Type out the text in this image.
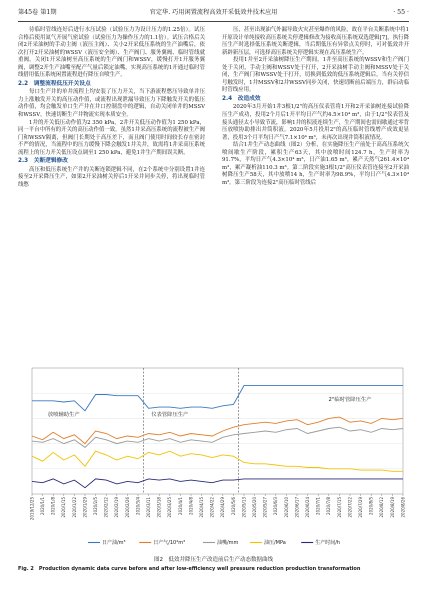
第45卷 第1期	官定华. 巧用闲置流程高效开采低效井技术应用	· 55 ·

待临时管线连好后进行水压试验（试验压力为设计压力的1.25倍）。试压合格后使用氮气开展气密试验（试验压力为操作压力的1.1倍）。试压合格后关闭2开采油树的手动主阀（液压主阀）、关小2开采低压系统的生产油嘴后，依次打开2开采油树的WSSV（液压安全阀）、生产阀门、服务翼阀、临时管线就重阀。关闭1开采油树至高压系统的生产阀门和WSSV，缓慢打开1开服务翼阀，调整2开生产油嘴至配产气量后锁定油嘴，实现高压系统的1开通过临时管线借用低压系统闲置流程进行降压自喷生产。

2.2　调整流程低压开关设点

每口生产井的单井流程上均安装了压力开关，当下游流程憋压导致单井压力上涨触发开关的高压动作值，或流程出现泄漏导致压力下降触发开关的低压动作值，均会触发单口生产井在井口控制盘中的逻辑，自动关闭单井的MSSV和WSSV，快速切断生产井物流实现本质安全。

1井的开关低压动作值为2 350 kPa，2井开关低压动作值为1 250 kPa，同一平台中所有的开关的高压动作值一致。虽然1井采高压系统的流程被生产阀门和WSSV隔离，但阀门长期处于高压差下，而且阀门使用时间较长存在密封不严的情况，当流程中的压力缓慢下降会触发1井关井，故需将1井采高压系统流程上的压力开关低压设点调至1 250 kPa，避免1井生产期间误关断。

2.3　关断逻辑修改

高压和低压系统生产井的关断连锁逻辑不同，在2个系统中分别设置1井连接至2开采降压生产，如果2开采油树关停后1开采井同步关停，将出现临时管线憋

压，甚至出现油气外漏导致火灾甚至爆炸的风险，故在平台关断系统中将1开原设计单纯接收高压系统关停逻辑修改为接收高压系统双选逻辑[7]，执行降压生产时选择低压系统关断逻辑，当后期低压有异常点关停时，可对低效井开新辟新压层，可选择高压系统关停逻辑实现在高压系统生产。

投用1井至2开采油树降压生产期间，1井至高压系统的WSSV和生产阀门处于关闭，手动主阀和WSSV处于打开，2开采油树手动主阀和MSSV处于关闭，生产阀门和WSSV处于打开，切换到低效的低压系统逻辑后，当有关停信号触发时，1井MSSV和2井WSSV同步关闭，快速切断前后端压力，群启动临时管线应用。

2.4　改造成效

2020年3月开始1井3根1/2"的高压仪表管将1开和2开采油树连接试验降压生产成功，投用2个月后1开平均日产气约4.5×10⁴ m³，由于1/2"仪表管及接头通径太小导致节流，影响1井的积液连续生产，生产期间也需间歇通过零背压放喷协助排出井筒积液。2020年5月投用2"的高压临时管线增产成效更显著，投用3个月平均日产气7.1×10⁴ m³，未再次出现井筒积液情况。

结合1井生产动态曲线（图2）分析，在实施降压生产前处于高高压系统欠喷间歇生产阶段，累积生产63天，其中放喷时间124.7 h，生产时率为91.7%，平均日产气4.3×10⁴ m³，日产油1.65 m³，累产天然气261.4×10⁴ m³，累产凝析油110.3 m³。第二阶段实施3根1/2"高压仪表管连接至2开采油树降压生产58天，其中放喷14 h，生产时率为98.9%，平均日产气4.3×10⁴ m³。第三阶段为连接2"高压临时管线后

放喷辅助生产	仪表管降压生产
2"临时管降压生产
2019/12/25 2020/1/1 2020/1/8 2020/1/15 2020/1/22 2020/1/29 2020/2/5 2020/2/12 2020/2/19 2020/2/26 2020/3/4 2020/3/11 2020/3/18 2020/3/25 2020/4/1 2020/4/8 2020/4/15 2020/4/22 2020/4/29 2020/5/6 2020/5/13 2020/5/20 2020/5/27 2020/6/3 2020/6/10 2020/6/17 2020/6/24 2020/7/1 2020/7/8 2020/7/15 2020/7/22 2020/7/29 2020/8/5 2020/8/12 2020/8/19 2020/8/26
日产油/m³	日产气/10⁴m³	油嘴/mm	油压/MPa	生产时间/h
图2　低效井降压生产改造前后生产动态数据曲线
Fig. 2　Production dynamic data curve before and after low-efficiency well pressure reduction production transformation
